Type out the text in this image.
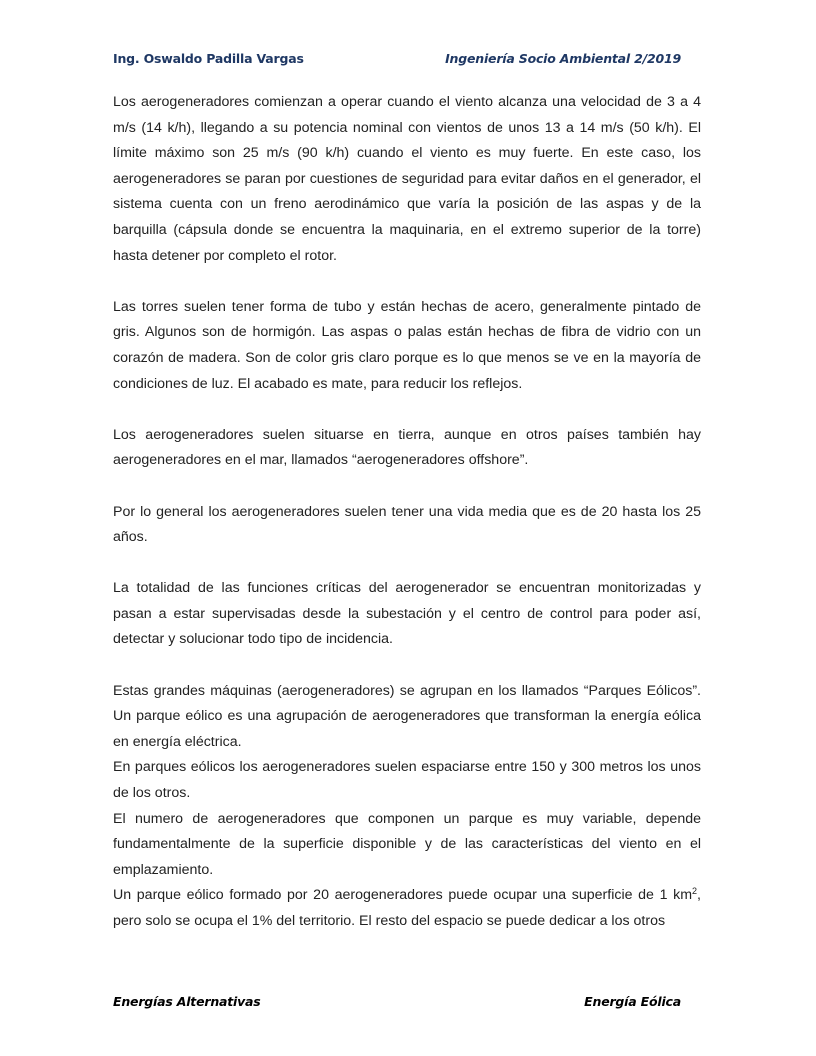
Ing. Oswaldo Padilla Vargas	Ingeniería Socio Ambiental 2/2019

Los aerogeneradores comienzan a operar cuando el viento alcanza una velocidad de 3 a 4 m/s (14 k/h), llegando a su potencia nominal con vientos de unos 13 a 14 m/s (50 k/h). El límite máximo son 25 m/s (90 k/h) cuando el viento es muy fuerte. En este caso, los aerogeneradores se paran por cuestiones de seguridad para evitar daños en el generador, el sistema cuenta con un freno aerodinámico que varía la posición de las aspas y de la barquilla (cápsula donde se encuentra la maquinaria, en el extremo superior de la torre) hasta detener por completo el rotor.

Las torres suelen tener forma de tubo y están hechas de acero, generalmente pintado de gris. Algunos son de hormigón. Las aspas o palas están hechas de fibra de vidrio con un corazón de madera. Son de color gris claro porque es lo que menos se ve en la mayoría de condiciones de luz. El acabado es mate, para reducir los reflejos.

Los aerogeneradores suelen situarse en tierra, aunque en otros países también hay aerogeneradores en el mar, llamados “aerogeneradores offshore”.

Por lo general los aerogeneradores suelen tener una vida media que es de 20 hasta los 25 años.

La totalidad de las funciones críticas del aerogenerador se encuentran monitorizadas y pasan a estar supervisadas desde la subestación y el centro de control para poder así, detectar y solucionar todo tipo de incidencia.

Estas grandes máquinas (aerogeneradores) se agrupan en los llamados “Parques Eólicos”. Un parque eólico es una agrupación de aerogeneradores que transforman la energía eólica en energía eléctrica.

En parques eólicos los aerogeneradores suelen espaciarse entre 150 y 300 metros los unos de los otros.

El numero de aerogeneradores que componen un parque es muy variable, depende fundamentalmente de la superficie disponible y de las características del viento en el emplazamiento.

Un parque eólico formado por 20 aerogeneradores puede ocupar una superficie de 1 $km^2$, pero solo se ocupa el 1% del territorio. El resto del espacio se puede dedicar a los otros

Energías Alternativas	Energía Eólica
